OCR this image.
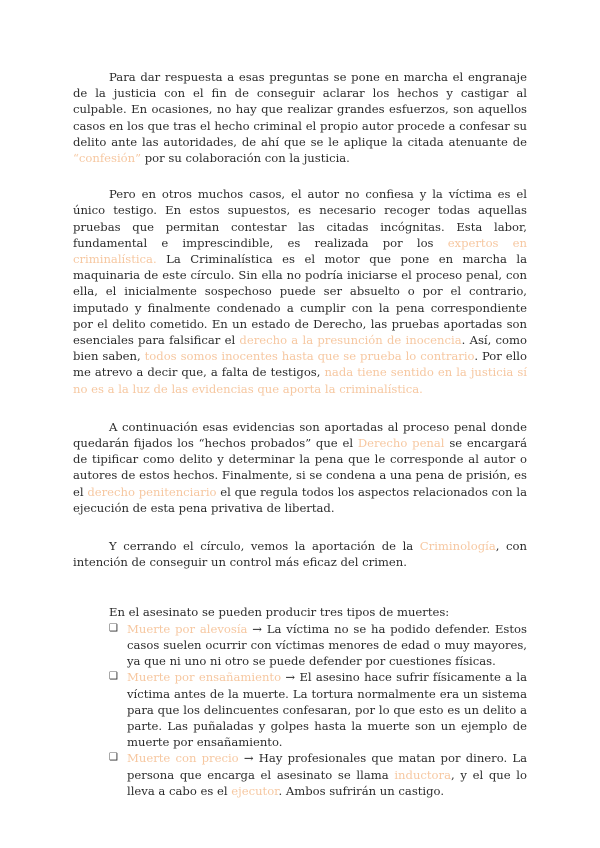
Para dar respuesta a esas preguntas se pone en marcha el engranaje de la justicia con el fin de conseguir aclarar los hechos y castigar al culpable. En ocasiones, no hay que realizar grandes esfuerzos, son aquellos casos en los que tras el hecho criminal el propio autor procede a confesar su delito ante las autoridades, de ahí que se le aplique la citada atenuante de “confesión” por su colaboración con la justicia.

Pero en otros muchos casos, el autor no confiesa y la víctima es el único testigo. En estos supuestos, es necesario recoger todas aquellas pruebas que permitan contestar las citadas incógnitas. Esta labor, fundamental e imprescindible, es realizada por los expertos en criminalística. La Criminalística es el motor que pone en marcha la maquinaria de este círculo. Sin ella no podría iniciarse el proceso penal, con ella, el inicialmente sospechoso puede ser absuelto o por el contrario, imputado y finalmente condenado a cumplir con la pena correspondiente por el delito cometido. En un estado de Derecho, las pruebas aportadas son esenciales para falsificar el derecho a la presunción de inocencia. Así, como bien saben, todos somos inocentes hasta que se prueba lo contrario. Por ello me atrevo a decir que, a falta de testigos, nada tiene sentido en la justicia sí no es a la luz de las evidencias que aporta la criminalística.

A continuación esas evidencias son aportadas al proceso penal donde quedarán fijados los “hechos probados” que el Derecho penal se encargará de tipificar como delito y determinar la pena que le corresponde al autor o autores de estos hechos. Finalmente, si se condena a una pena de prisión, es el derecho penitenciario el que regula todos los aspectos relacionados con la ejecución de esta pena privativa de libertad.

Y cerrando el círculo, vemos la aportación de la Criminología, con intención de conseguir un control más eficaz del crimen.

En el asesinato se pueden producir tres tipos de muertes:

❑ Muerte por alevosía → La víctima no se ha podido defender. Estos casos suelen ocurrir con víctimas menores de edad o muy mayores, ya que ni uno ni otro se puede defender por cuestiones físicas.
❑ Muerte por ensañamiento → El asesino hace sufrir físicamente a la víctima antes de la muerte. La tortura normalmente era un sistema para que los delincuentes confesaran, por lo que esto es un delito a parte. Las puñaladas y golpes hasta la muerte son un ejemplo de muerte por ensañamiento.
❑ Muerte con precio → Hay profesionales que matan por dinero. La persona que encarga el asesinato se llama inductora, y el que lo lleva a cabo es el ejecutor. Ambos sufrirán un castigo.
